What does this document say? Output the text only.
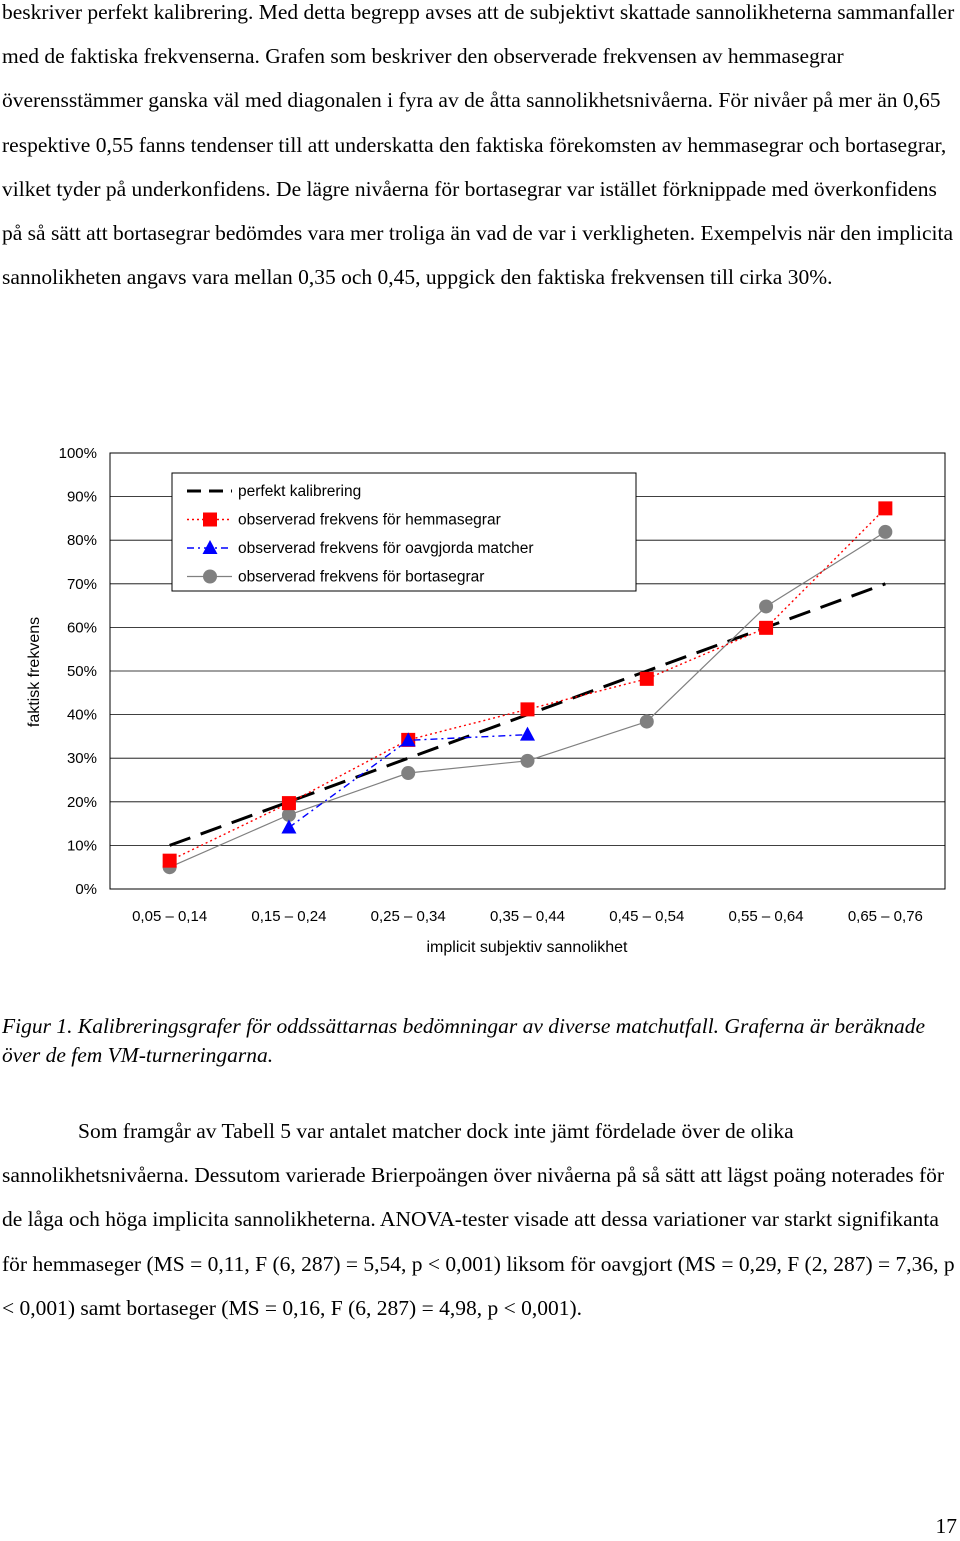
beskriver perfekt kalibrering. Med detta begrepp avses att de subjektivt skattade sannolikheterna sammanfaller med de faktiska frekvenserna. Grafen som beskriver den observerade frekvensen av hemmasegrar överensstämmer ganska väl med diagonalen i fyra av de åtta sannolikhetsnivåerna. För nivåer på mer än 0,65 respektive 0,55 fanns tendenser till att underskatta den faktiska förekomsten av hemmasegrar och bortasegrar, vilket tyder på underkonfidens. De lägre nivåerna för bortasegrar var istället förknippade med överkonfidens på så sätt att bortasegrar bedömdes vara mer troliga än vad de var i verkligheten. Exempelvis när den implicita sannolikheten angavs vara mellan 0,35 och 0,45, uppgick den faktiska frekvensen till cirka 30%.

0%
10%
20%
30%
40%
50%
60%
70%
80%
90%
100%
0,05 – 0,14	0,15 – 0,24	0,25 – 0,34	0,35 – 0,44	0,45 – 0,54	0,55 – 0,64	0,65 – 0,76
perfekt kalibrering
observerad frekvens för hemmasegrar
observerad frekvens för oavgjorda matcher
observerad frekvens för bortasegrar
implicit subjektiv sannolikhet
faktisk frekvens

Figur 1. Kalibreringsgrafer för oddssättarnas bedömningar av diverse matchutfall. Graferna är beräknade över de fem VM-turneringarna.

Som framgår av Tabell 5 var antalet matcher dock inte jämt fördelade över de olika sannolikhetsnivåerna. Dessutom varierade Brierpoängen över nivåerna på så sätt att lägst poäng noterades för de låga och höga implicita sannolikheterna. ANOVA-tester visade att dessa variationer var starkt signifikanta för hemmaseger (MS = 0,11, F (6, 287) = 5,54, p < 0,001) liksom för oavgjort (MS = 0,29, F (2, 287) = 7,36, p < 0,001) samt bortaseger (MS = 0,16, F (6, 287) = 4,98, p < 0,001).

17
